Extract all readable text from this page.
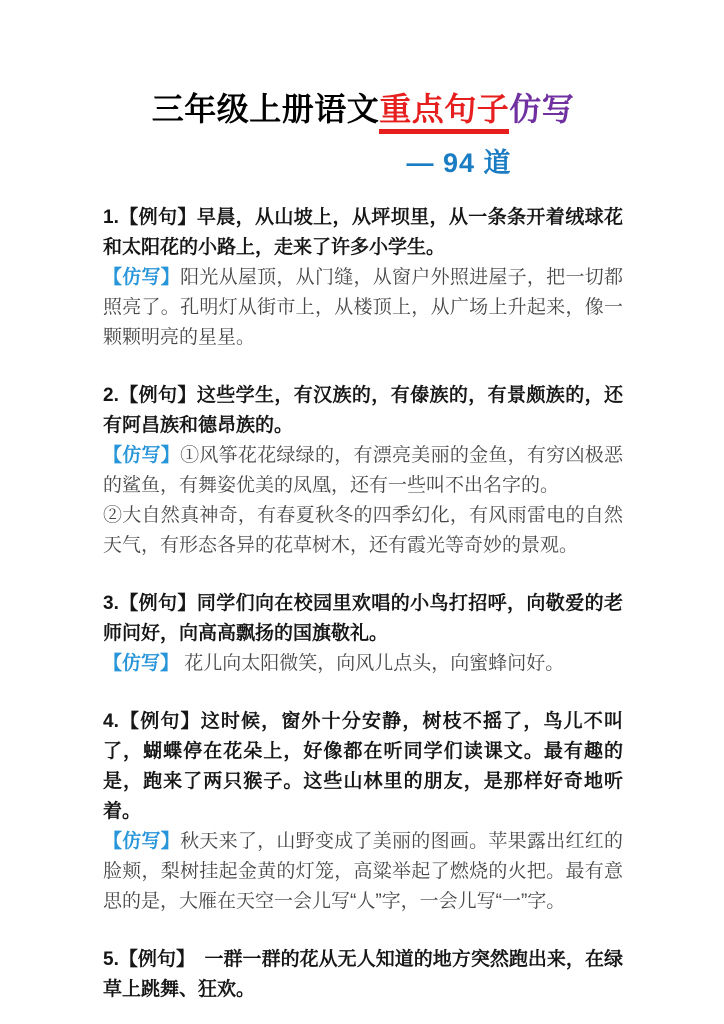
三年级上册语文重点句子仿写
— 94 道

1.【例句】早晨，从山坡上，从坪坝里，从一条条开着绒球花和太阳花的小路上，走来了许多小学生。

【仿写】阳光从屋顶，从门缝，从窗户外照进屋子，把一切都照亮了。孔明灯从街市上，从楼顶上，从广场上升起来，像一颗颗明亮的星星。

2.【例句】这些学生，有汉族的，有傣族的，有景颇族的，还有阿昌族和德昂族的。

【仿写】①风筝花花绿绿的，有漂亮美丽的金鱼，有穷凶极恶的鲨鱼，有舞姿优美的凤凰，还有一些叫不出名字的。
②大自然真神奇，有春夏秋冬的四季幻化，有风雨雷电的自然天气，有形态各异的花草树木，还有霞光等奇妙的景观。

3.【例句】同学们向在校园里欢唱的小鸟打招呼，向敬爱的老师问好，向高高飘扬的国旗敬礼。

【仿写】 花儿向太阳微笑，向风儿点头，向蜜蜂问好。

4.【例句】这时候，窗外十分安静，树枝不摇了，鸟儿不叫了，蝴蝶停在花朵上，好像都在听同学们读课文。最有趣的是，跑来了两只猴子。这些山林里的朋友，是那样好奇地听着。

【仿写】秋天来了，山野变成了美丽的图画。苹果露出红红的脸颊，梨树挂起金黄的灯笼，高粱举起了燃烧的火把。最有意思的是，大雁在天空一会儿写“人”字，一会儿写“一”字。

5.【例句】　一群一群的花从无人知道的地方突然跑出来，在绿草上跳舞、狂欢。
